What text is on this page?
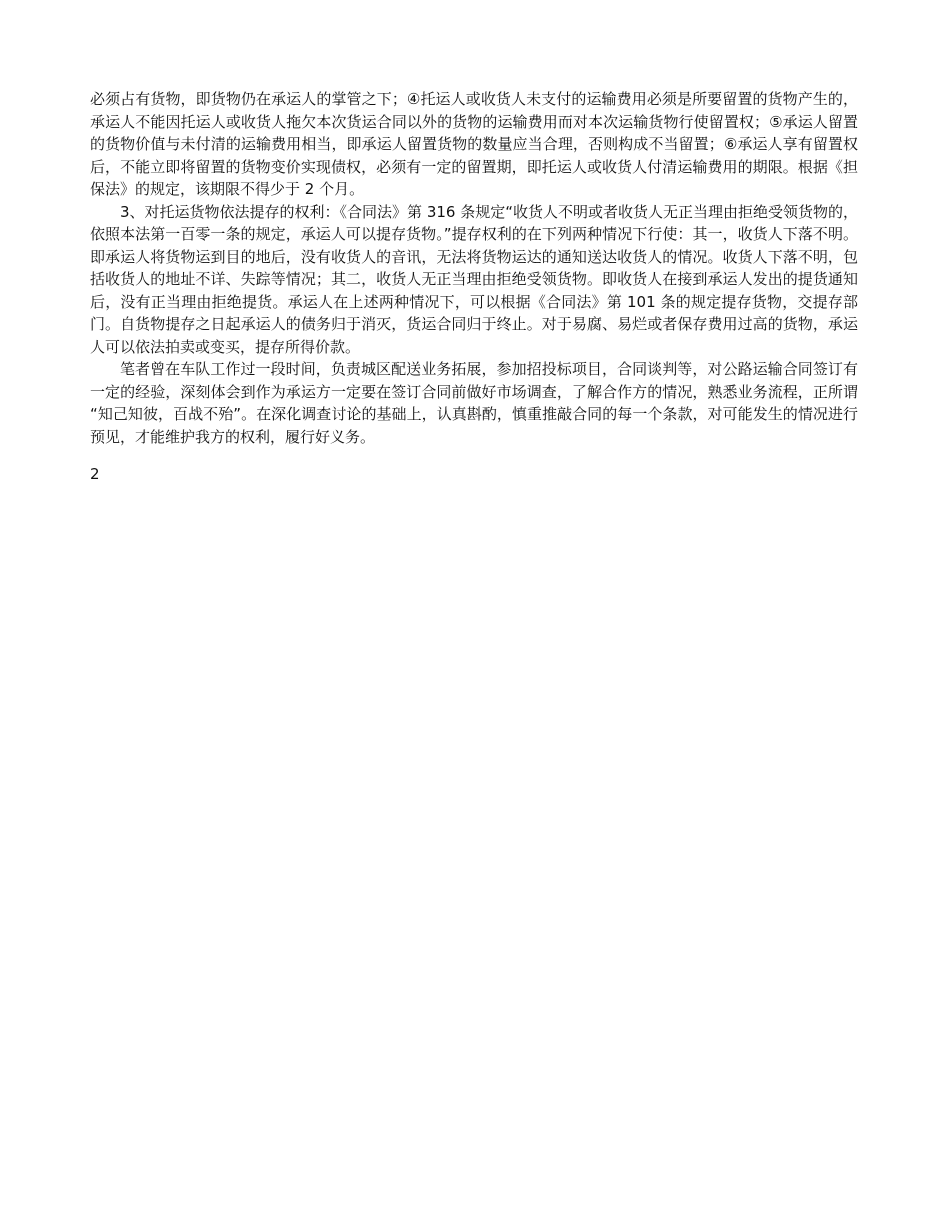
必须占有货物，即货物仍在承运人的掌管之下；④托运人或收货人未支付的运输费用必须是所要留置的货物产生的，承运人不能因托运人或收货人拖欠本次货运合同以外的货物的运输费用而对本次运输货物行使留置权；⑤承运人留置的货物价值与未付清的运输费用相当，即承运人留置货物的数量应当合理，否则构成不当留置；⑥承运人享有留置权后，不能立即将留置的货物变价实现债权，必须有一定的留置期，即托运人或收货人付清运输费用的期限。根据《担保法》的规定，该期限不得少于 2 个月。

3、对托运货物依法提存的权利：《合同法》第 316 条规定“收货人不明或者收货人无正当理由拒绝受领货物的，依照本法第一百零一条的规定，承运人可以提存货物。”提存权利的在下列两种情况下行使：其一，收货人下落不明。即承运人将货物运到目的地后，没有收货人的音讯，无法将货物运达的通知送达收货人的情况。收货人下落不明，包括收货人的地址不详、失踪等情况；其二，收货人无正当理由拒绝受领货物。即收货人在接到承运人发出的提货通知后，没有正当理由拒绝提货。承运人在上述两种情况下，可以根据《合同法》第 101 条的规定提存货物，交提存部门。自货物提存之日起承运人的债务归于消灭，货运合同归于终止。对于易腐、易烂或者保存费用过高的货物，承运人可以依法拍卖或变买，提存所得价款。

笔者曾在车队工作过一段时间，负责城区配送业务拓展，参加招投标项目，合同谈判等，对公路运输合同签订有一定的经验，深刻体会到作为承运方一定要在签订合同前做好市场调查，了解合作方的情况，熟悉业务流程，正所谓“知己知彼，百战不殆”。在深化调查讨论的基础上，认真斟酌，慎重推敲合同的每一个条款，对可能发生的情况进行预见，才能维护我方的权利，履行好义务。

2
